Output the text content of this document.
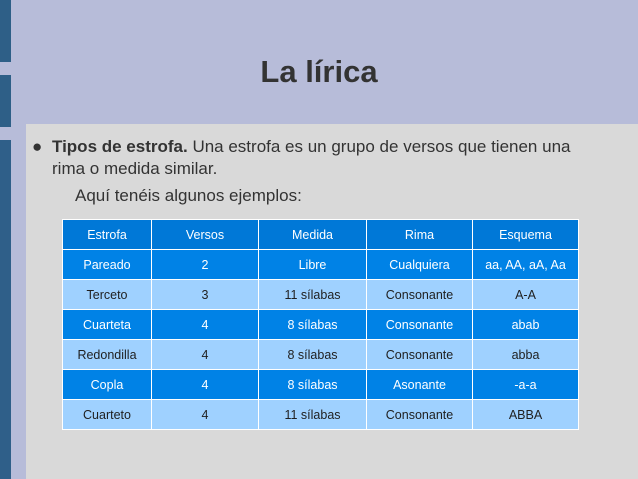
La lírica
● Tipos de estrofa. Una estrofa es un grupo de versos que tienen una rima o medida similar.
Aquí tenéis algunos ejemplos:
Estrofa	Versos	Medida	Rima	Esquema
Pareado	2	Libre	Cualquiera	aa, AA, aA, Aa
Terceto	3	11 sílabas	Consonante	A-A
Cuarteta	4	8 sílabas	Consonante	abab
Redondilla	4	8 sílabas	Consonante	abba
Copla	4	8 sílabas	Asonante	-a-a
Cuarteto	4	11 sílabas	Consonante	ABBA
